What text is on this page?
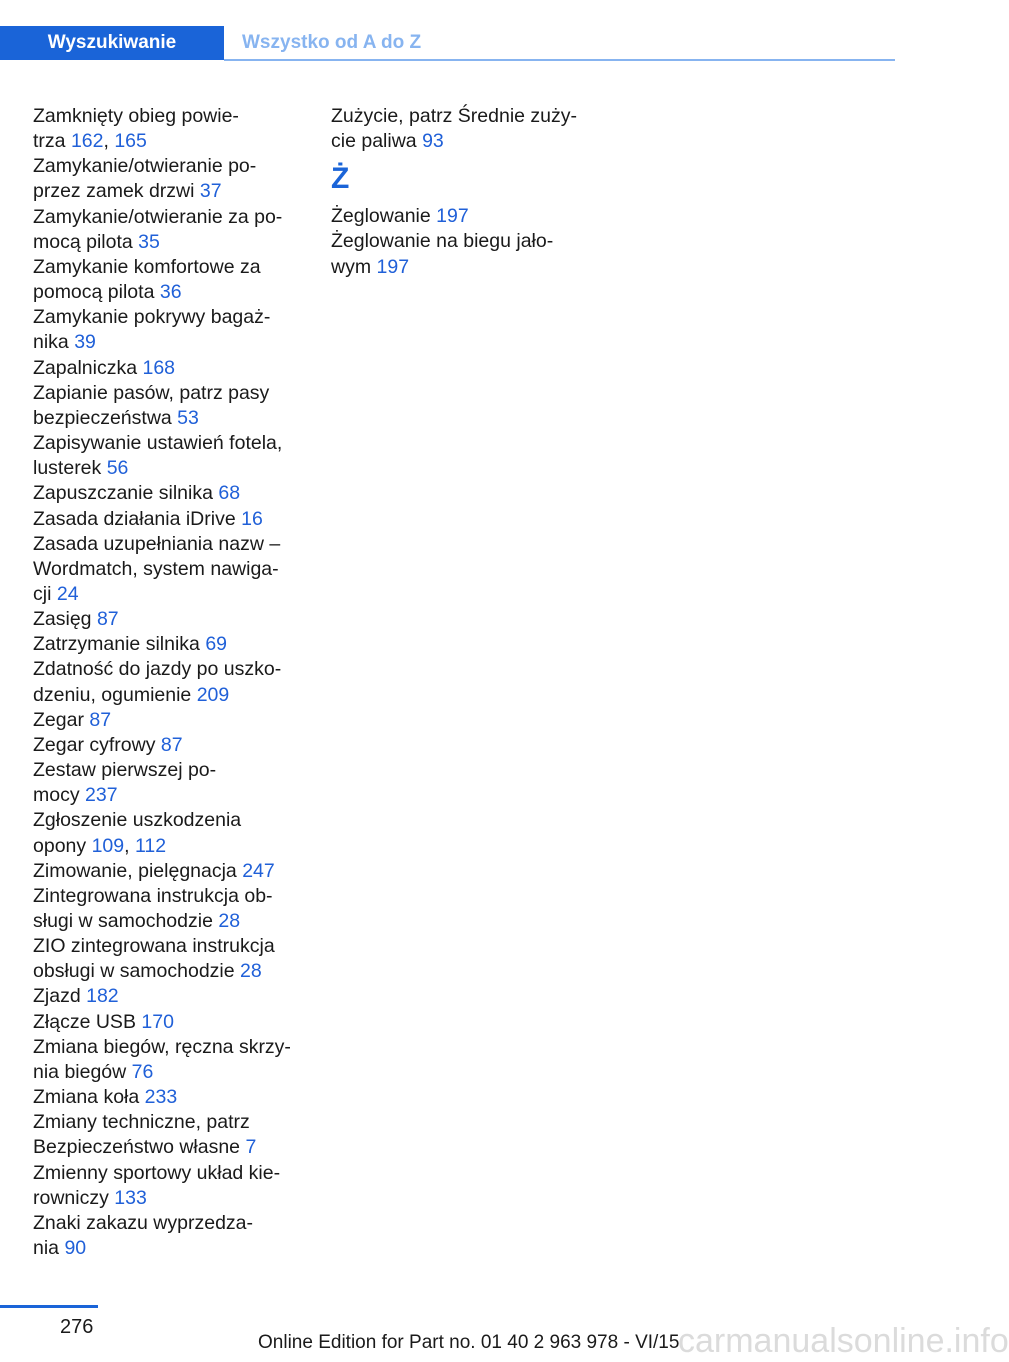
Wyszukiwanie	Wszystko od A do Z
Zamknięty obieg powie-
trza 162, 165
Zamykanie/otwieranie po-
przez zamek drzwi 37
Zamykanie/otwieranie za po-
mocą pilota 35
Zamykanie komfortowe za
pomocą pilota 36
Zamykanie pokrywy bagaż-
nika 39
Zapalniczka 168
Zapianie pasów, patrz pasy
bezpieczeństwa 53
Zapisywanie ustawień fotela,
lusterek 56
Zapuszczanie silnika 68
Zasada działania iDrive 16
Zasada uzupełniania nazw –
Wordmatch, system nawiga-
cji 24
Zasięg 87
Zatrzymanie silnika 69
Zdatność do jazdy po uszko-
dzeniu, ogumienie 209
Zegar 87
Zegar cyfrowy 87
Zestaw pierwszej po-
mocy 237
Zgłoszenie uszkodzenia
opony 109, 112
Zimowanie, pielęgnacja 247
Zintegrowana instrukcja ob-
sługi w samochodzie 28
ZIO zintegrowana instrukcja
obsługi w samochodzie 28
Zjazd 182
Złącze USB 170
Zmiana biegów, ręczna skrzy-
nia biegów 76
Zmiana koła 233
Zmiany techniczne, patrz
Bezpieczeństwo własne 7
Zmienny sportowy układ kie-
rowniczy 133
Znaki zakazu wyprzedza-
nia 90
Zużycie, patrz Średnie zuży-
cie paliwa 93
Ż
Żeglowanie 197
Żeglowanie na biegu jało-
wym 197
276
Online Edition for Part no. 01 40 2 963 978 - VI/15
carmanualsonline.info
